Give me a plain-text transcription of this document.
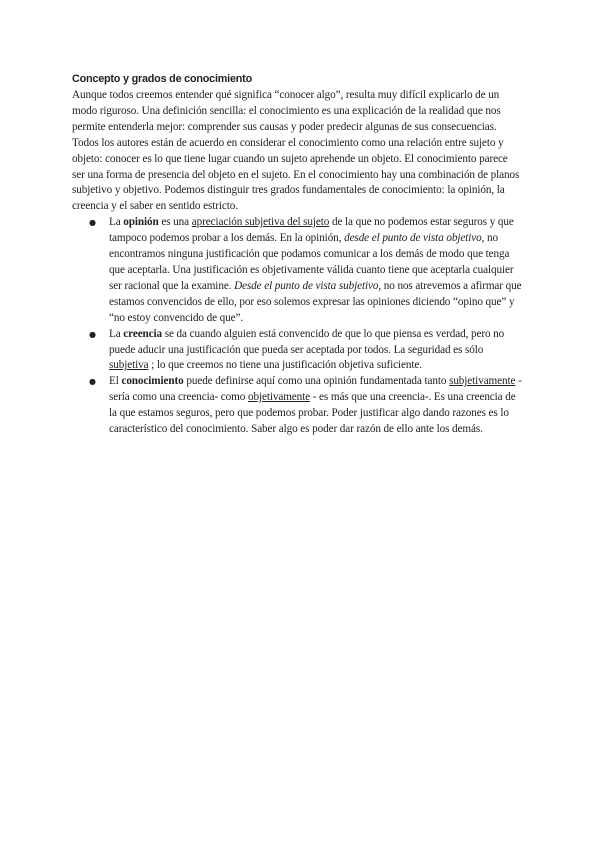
Concepto y grados de conocimiento

Aunque todos creemos entender qué significa “conocer algo”, resulta muy difícil explicarlo de un modo riguroso. Una definición sencilla: el conocimiento es una explicación de la realidad que nos permite entenderla mejor: comprender sus causas y poder predecir algunas de sus consecuencias. Todos los autores están de acuerdo en considerar el conocimiento como una relación entre sujeto y objeto: conocer es lo que tiene lugar cuando un sujeto aprehende un objeto. El conocimiento parece ser una forma de presencia del objeto en el sujeto. En el conocimiento hay una combinación de planos subjetivo y objetivo. Podemos distinguir tres grados fundamentales de conocimiento: la opinión, la creencia y el saber en sentido estricto.

● La opinión es una apreciación subjetiva del sujeto de la que no podemos estar seguros y que tampoco podemos probar a los demás. En la opinión, desde el punto de vista objetivo, no encontramos ninguna justificación que podamos comunicar a los demás de modo que tenga que aceptarla. Una justificación es objetivamente válida cuanto tiene que aceptarla cualquier ser racional que la examine. Desde el punto de vista subjetivo, no nos atrevemos a afirmar que estamos convencidos de ello, por eso solemos expresar las opiniones diciendo “opino que” y “no estoy convencido de que”.
● La creencia se da cuando alguien está convencido de que lo que piensa es verdad, pero no puede aducir una justificación que pueda ser aceptada por todos. La seguridad es sólo subjetiva ; lo que creemos no tiene una justificación objetiva suficiente.
● El conocimiento puede definirse aquí como una opinión fundamentada tanto subjetivamente - sería como una creencia- como objetivamente - es más que una creencia-. Es una creencia de la que estamos seguros, pero que podemos probar. Poder justificar algo dando razones es lo característico del conocimiento. Saber algo es poder dar razón de ello ante los demás.
